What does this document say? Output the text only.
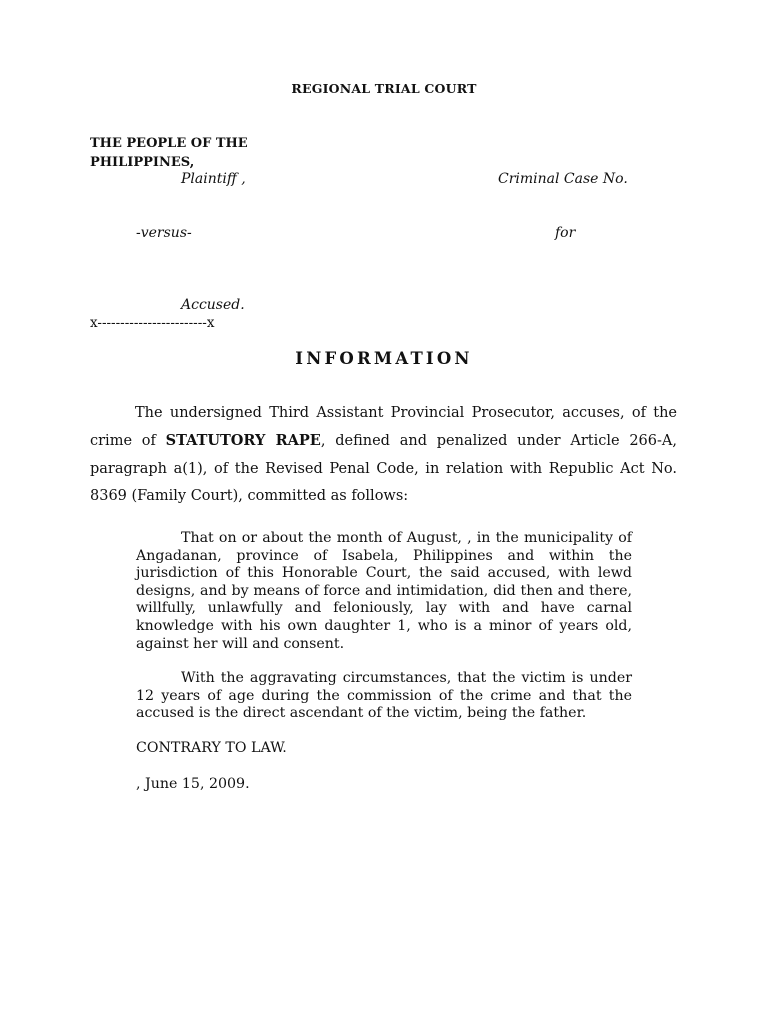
REGIONAL TRIAL COURT
THE PEOPLE OF THE
PHILIPPINES,
Plaintiff ,	Criminal Case No.
-versus-	for
Accused.
x------------------------x
INFORMATION

The undersigned Third Assistant Provincial Prosecutor, accuses, of the crime of STATUTORY RAPE, defined and penalized under Article 266-A, paragraph a(1), of the Revised Penal Code, in relation with Republic Act No. 8369 (Family Court), committed as follows:

That on or about the month of August, , in the municipality of Angadanan, province of Isabela, Philippines and within the jurisdiction of this Honorable Court, the said accused, with lewd designs, and by means of force and intimidation, did then and there, willfully, unlawfully and feloniously, lay with and have carnal knowledge with his own daughter 1, who is a minor of years old, against her will and consent.

With the aggravating circumstances, that the victim is under 12 years of age during the commission of the crime and that the accused is the direct ascendant of the victim, being the father.

CONTRARY TO LAW.

, June 15, 2009.
